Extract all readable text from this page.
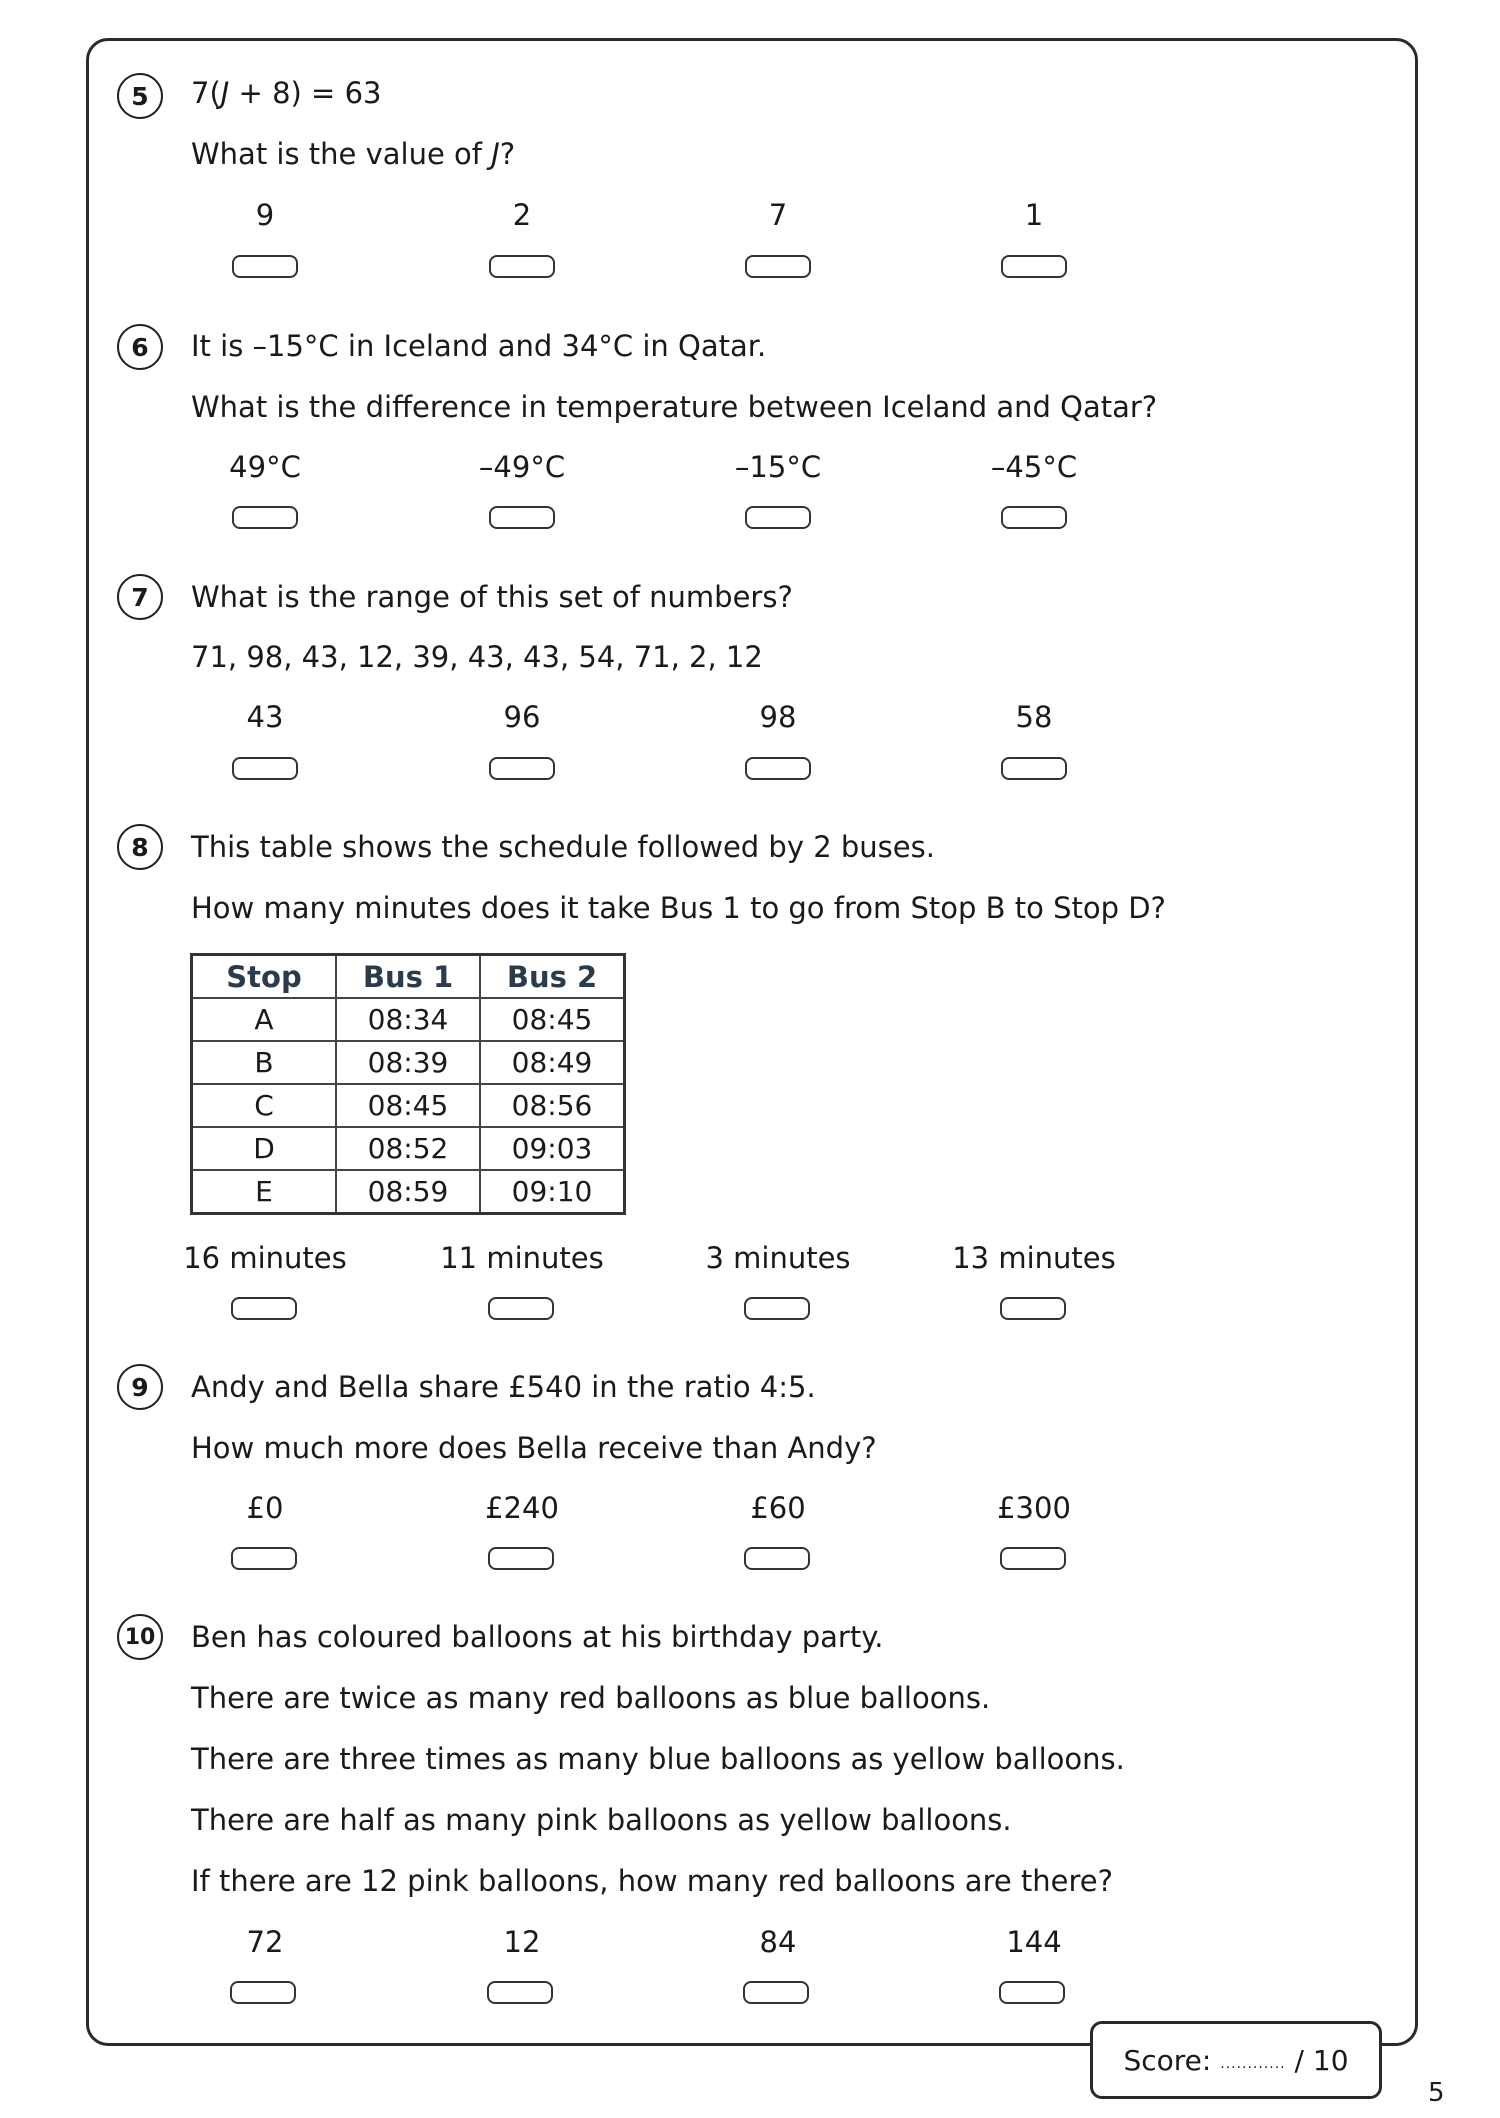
5	7(J + 8) = 63
What is the value of J?
9	2	7	1
6	It is –15°C in Iceland and 34°C in Qatar.
What is the difference in temperature between Iceland and Qatar?
49°C	–49°C	–15°C	–45°C
7	What is the range of this set of numbers?
71, 98, 43, 12, 39, 43, 43, 54, 71, 2, 12
43	96	98	58
8	This table shows the schedule followed by 2 buses.
How many minutes does it take Bus 1 to go from Stop B to Stop D?
Stop	Bus 1	Bus 2
A	08:34	08:45
B	08:39	08:49
C	08:45	08:56
D	08:52	09:03
E	08:59	09:10
16 minutes	11 minutes	3 minutes	13 minutes
9	Andy and Bella share £540 in the ratio 4:5.
How much more does Bella receive than Andy?
£0	£240	£60	£300
10 Ben has coloured balloons at his birthday party.
There are twice as many red balloons as blue balloons.
There are three times as many blue balloons as yellow balloons.
There are half as many pink balloons as yellow balloons.
If there are 12 pink balloons, how many red balloons are there?
72	12	84	144
Score:
............
/ 10
5
